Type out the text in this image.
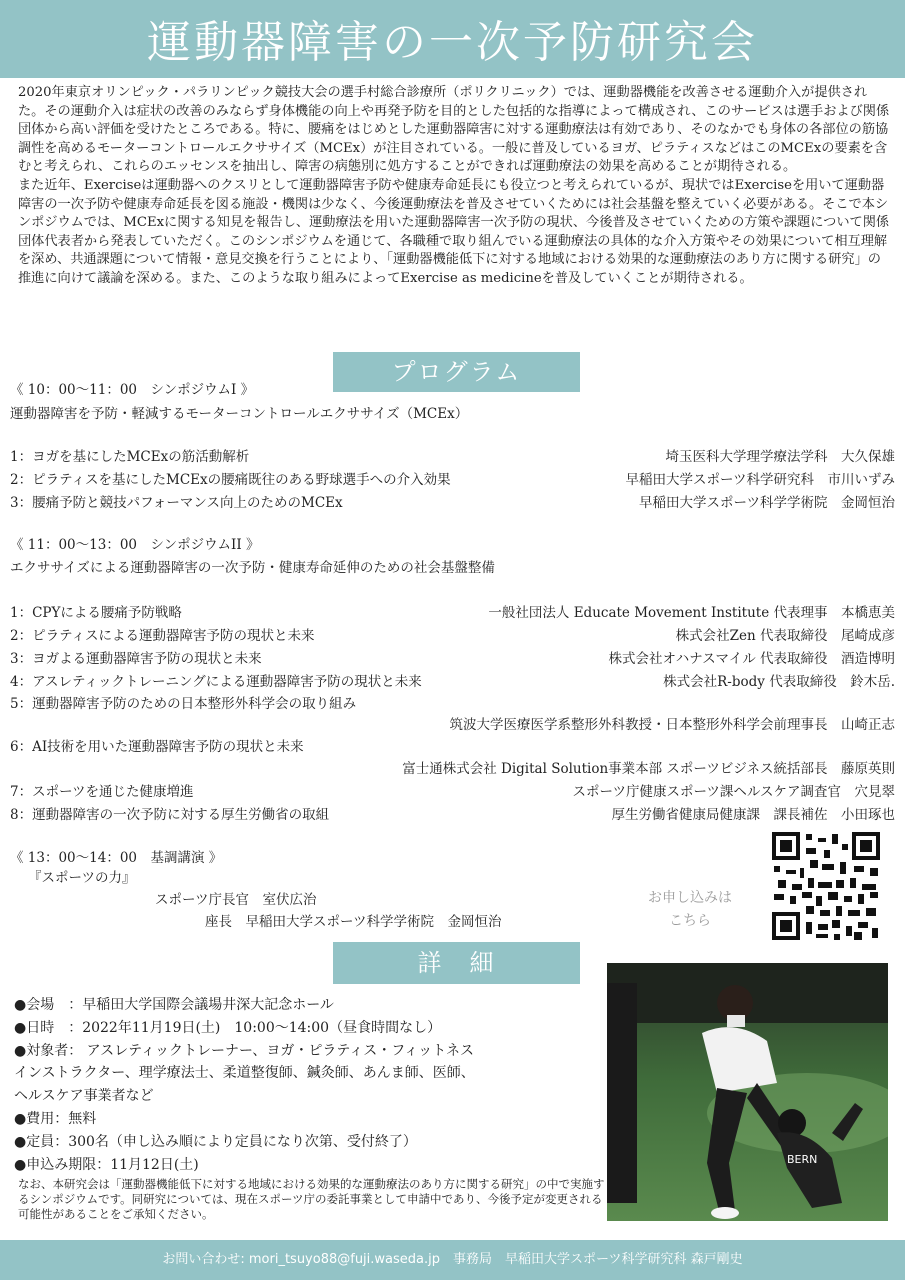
運動器障害の一次予防研究会

2020年東京オリンピック・パラリンピック競技大会の選手村総合診療所（ポリクリニック）では、運動器機能を改善させる運動介入が提供された。その運動介入は症状の改善のみならず身体機能の向上や再発予防を目的とした包括的な指導によって構成され、このサービスは選手および関係団体から高い評価を受けたところである。特に、腰痛をはじめとした運動器障害に対する運動療法は有効であり、そのなかでも身体の各部位の筋協調性を高めるモーターコントロールエクササイズ（MCEx）が注目されている。一般に普及しているヨガ、ピラティスなどはこのMCExの要素を含むと考えられ、これらのエッセンスを抽出し、障害の病態別に処方することができれば運動療法の効果を高めることが期待される。

また近年、Exerciseは運動器へのクスリとして運動器障害予防や健康寿命延長にも役立つと考えられているが、現状ではExerciseを用いて運動器障害の一次予防や健康寿命延長を図る施設・機関は少なく、今後運動療法を普及させていくためには社会基盤を整えていく必要がある。そこで本シンポジウムでは、MCExに関する知見を報告し、運動療法を用いた運動器障害一次予防の現状、今後普及させていくための方策や課題について関係団体代表者から発表していただく。このシンポジウムを通じて、各職種で取り組んでいる運動療法の具体的な介入方策やその効果について相互理解を深め、共通課題について情報・意見交換を行うことにより、「運動器機能低下に対する地域における効果的な運動療法のあり方に関する研究」の推進に向けて議論を深める。また、このような取り組みによってExercise as medicineを普及していくことが期待される。

プログラム
《 10：00～11：00　シンポジウムI 》
運動器障害を予防・軽減するモーターコントロールエクササイズ（MCEx）
1：ヨガを基にしたMCExの筋活動解析	埼玉医科大学理学療法学科　大久保雄
2：ピラティスを基にしたMCExの腰痛既往のある野球選手への介入効果	早稲田大学スポーツ科学研究科　市川いずみ
3：腰痛予防と競技パフォーマンス向上のためのMCEx	早稲田大学スポーツ科学学術院　金岡恒治
《 11：00～13：00　シンポジウムII 》
エクササイズによる運動器障害の一次予防・健康寿命延伸のための社会基盤整備
1：CPYによる腰痛予防戦略	一般社団法人 Educate Movement Institute 代表理事　本橋恵美
2：ピラティスによる運動器障害予防の現状と未来	株式会社Zen 代表取締役　尾崎成彦
3：ヨガよる運動器障害予防の現状と未来	株式会社オハナスマイル 代表取締役　酒造博明
4：アスレティックトレーニングによる運動器障害予防の現状と未来	株式会社R-body 代表取締役　鈴木岳.
5：運動器障害予防のための日本整形外科学会の取り組み
筑波大学医療医学系整形外科教授・日本整形外科学会前理事長　山崎正志
6：AI技術を用いた運動器障害予防の現状と未来
富士通株式会社 Digital Solution事業本部 スポーツビジネス統括部長　藤原英則
7：スポーツを通じた健康増進	スポーツ庁健康スポーツ課ヘルスケア調査官　穴見翠
8：運動器障害の一次予防に対する厚生労働省の取組	厚生労働省健康局健康課　課長補佐　小田琢也
《 13：00～14：00　基調講演 》
『スポーツの力』
スポーツ庁長官　室伏広治
座長　早稲田大学スポーツ科学学術院　金岡恒治
お申し込みは
こちら
詳　細
●会場　：早稲田大学国際会議場井深大記念ホール
●日時　：2022年11月19日(土)　10:00～14:00（昼食時間なし）
●対象者： アスレティックトレーナー、ヨガ・ピラティス・フィットネス
インストラクター、理学療法士、柔道整復師、鍼灸師、あんま師、医師、
ヘルスケア事業者など
●費用：無料
●定員：300名（申し込み順により定員になり次第、受付終了）
●申込み期限：11月12日(土)
なお、本研究会は「運動器機能低下に対する地域における効果的な運動療法のあり方に関する研究」の中で実施するシンポジウムです。同研究については、現在スポーツ庁の委託事業として申請中であり、今後予定が変更される可能性があることをご承知ください。
BERN
お問い合わせ: mori_tsuyo88@fuji.waseda.jp　事務局　早稲田大学スポーツ科学研究科 森戸剛史
